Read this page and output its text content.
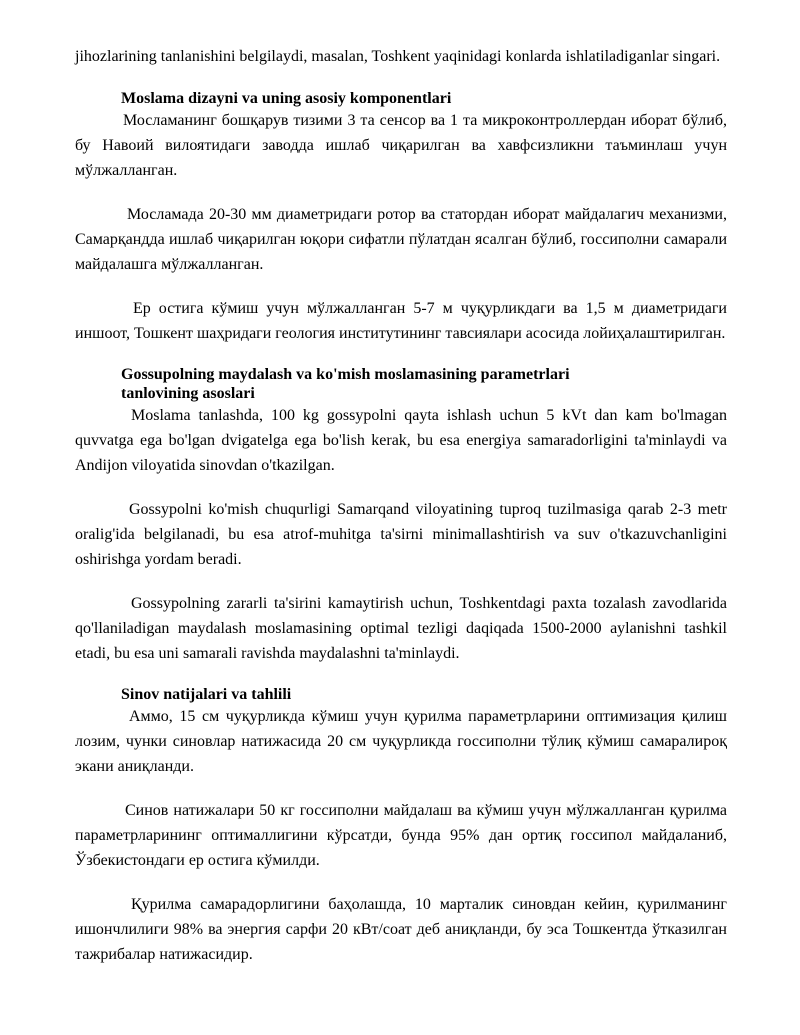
jihozlarining tanlanishini belgilaydi, masalan, Toshkent yaqinidagi konlarda ishlatiladiganlar singari.

Moslama dizayni va uning asosiy komponentlari

Мосламанинг бошқарув тизими 3 та сенсор ва 1 та микроконтроллердан иборат бўлиб, бу Навоий вилоятидаги заводда ишлаб чиқарилган ва хавфсизликни таъминлаш учун мўлжалланган.

Мосламада 20-30 мм диаметридаги ротор ва статордан иборат майдалагич механизми, Самарқандда ишлаб чиқарилган юқори сифатли пўлатдан ясалган бўлиб, госсиполни самарали майдалашга мўлжалланган.

Ер остига кўмиш учун мўлжалланган 5-7 м чуқурликдаги ва 1,5 м диаметридаги иншоот, Тошкент шаҳридаги геология институтининг тавсиялари асосида лойиҳалаштирилган.

Gossupolning maydalash va ko'mish moslamasining parametrlari
tanlovining asoslari

Moslama tanlashda, 100 kg gossypolni qayta ishlash uchun 5 kVt dan kam bo'lmagan quvvatga ega bo'lgan dvigatelga ega bo'lish kerak, bu esa energiya samaradorligini ta'minlaydi va Andijon viloyatida sinovdan o'tkazilgan.

Gossypolni ko'mish chuqurligi Samarqand viloyatining tuproq tuzilmasiga qarab 2-3 metr oralig'ida belgilanadi, bu esa atrof-muhitga ta'sirni minimallashtirish va suv o'tkazuvchanligini oshirishga yordam beradi.

Gossypolning zararli ta'sirini kamaytirish uchun, Toshkentdagi paxta tozalash zavodlarida qo'llaniladigan maydalash moslamasining optimal tezligi daqiqada 1500-2000 aylanishni tashkil etadi, bu esa uni samarali ravishda maydalashni ta'minlaydi.

Sinov natijalari va tahlili

Аммо, 15 см чуқурликда кўмиш учун қурилма параметрларини оптимизация қилиш лозим, чунки синовлар натижасида 20 см чуқурликда госсиполни тўлиқ кўмиш самаралироқ экани аниқланди.

Синов натижалари 50 кг госсиполни майдалаш ва кўмиш учун мўлжалланган қурилма параметрларининг оптималлигини кўрсатди, бунда 95% дан ортиқ госсипол майдаланиб, Ўзбекистондаги ер остига кўмилди.

Қурилма самарадорлигини баҳолашда, 10 марталик синовдан кейин, қурилманинг ишончлилиги 98% ва энергия сарфи 20 кВт/соат деб аниқланди, бу эса Тошкентда ўтказилган тажрибалар натижасидир.
